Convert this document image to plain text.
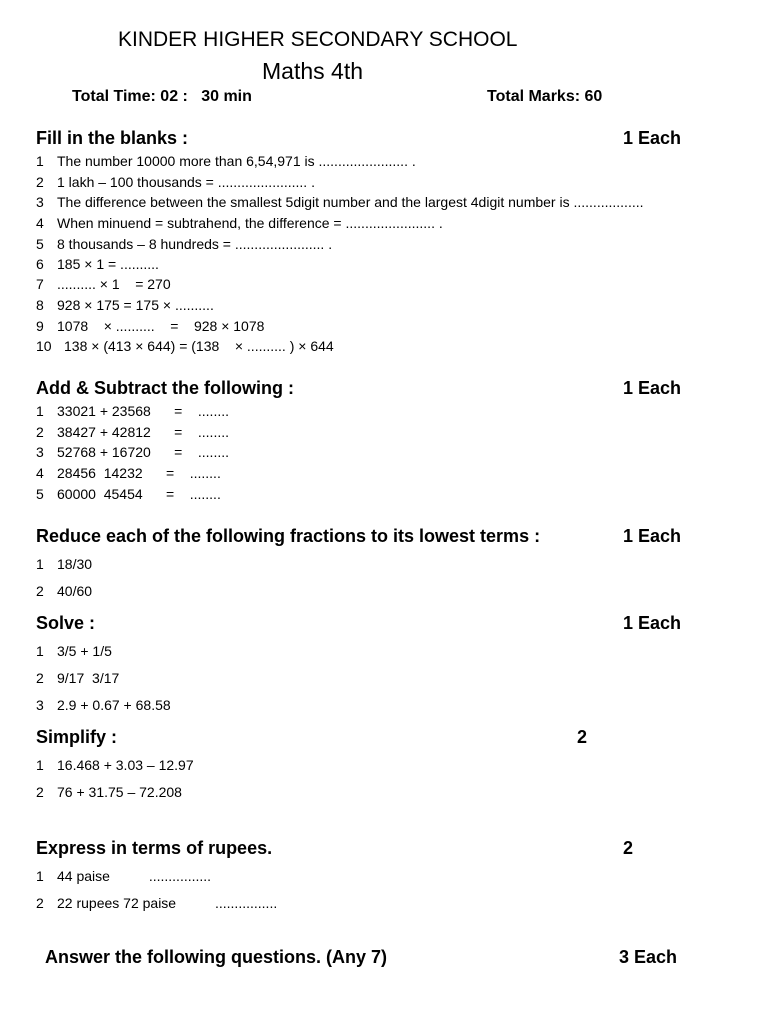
KINDER HIGHER SECONDARY SCHOOL
Maths 4th
Total Time: 02 :   30 min	Total Marks: 60
Fill in the blanks :	1 Each
1 The number 10000 more than 6,54,971 is ....................... .
2 1 lakh – 100 thousands = ....................... .
3 The difference between the smallest 5digit number and the largest 4digit number is ..................
4 When minuend = subtrahend, the difference = ....................... .
5 8 thousands – 8 hundreds = ....................... .
6 185 × 1 = ..........
7 .......... × 1    = 270
8 928 × 175 = 175 × ..........
9 1078    × ..........    =    928 × 1078
10 138 × (413 × 644) = (138    × .......... ) × 644
Add & Subtract the following :	1 Each
1 33021 + 23568      =    ........
2 38427 + 42812      =    ........
3 52768 + 16720      =    ........
4 28456  14232      =    ........
5 60000  45454      =    ........
Reduce each of the following fractions to its lowest terms :	1 Each
1 18/30
2 40/60
Solve :	1 Each
1 3/5 + 1/5
2 9/17  3/17
3 2.9 + 0.67 + 68.58
Simplify :	2
1 16.468 + 3.03 – 12.97
2 76 + 31.75 – 72.208
Express in terms of rupees.	2
1 44 paise          ................
2 22 rupees 72 paise          ................
Answer the following questions. (Any 7)	3 Each
